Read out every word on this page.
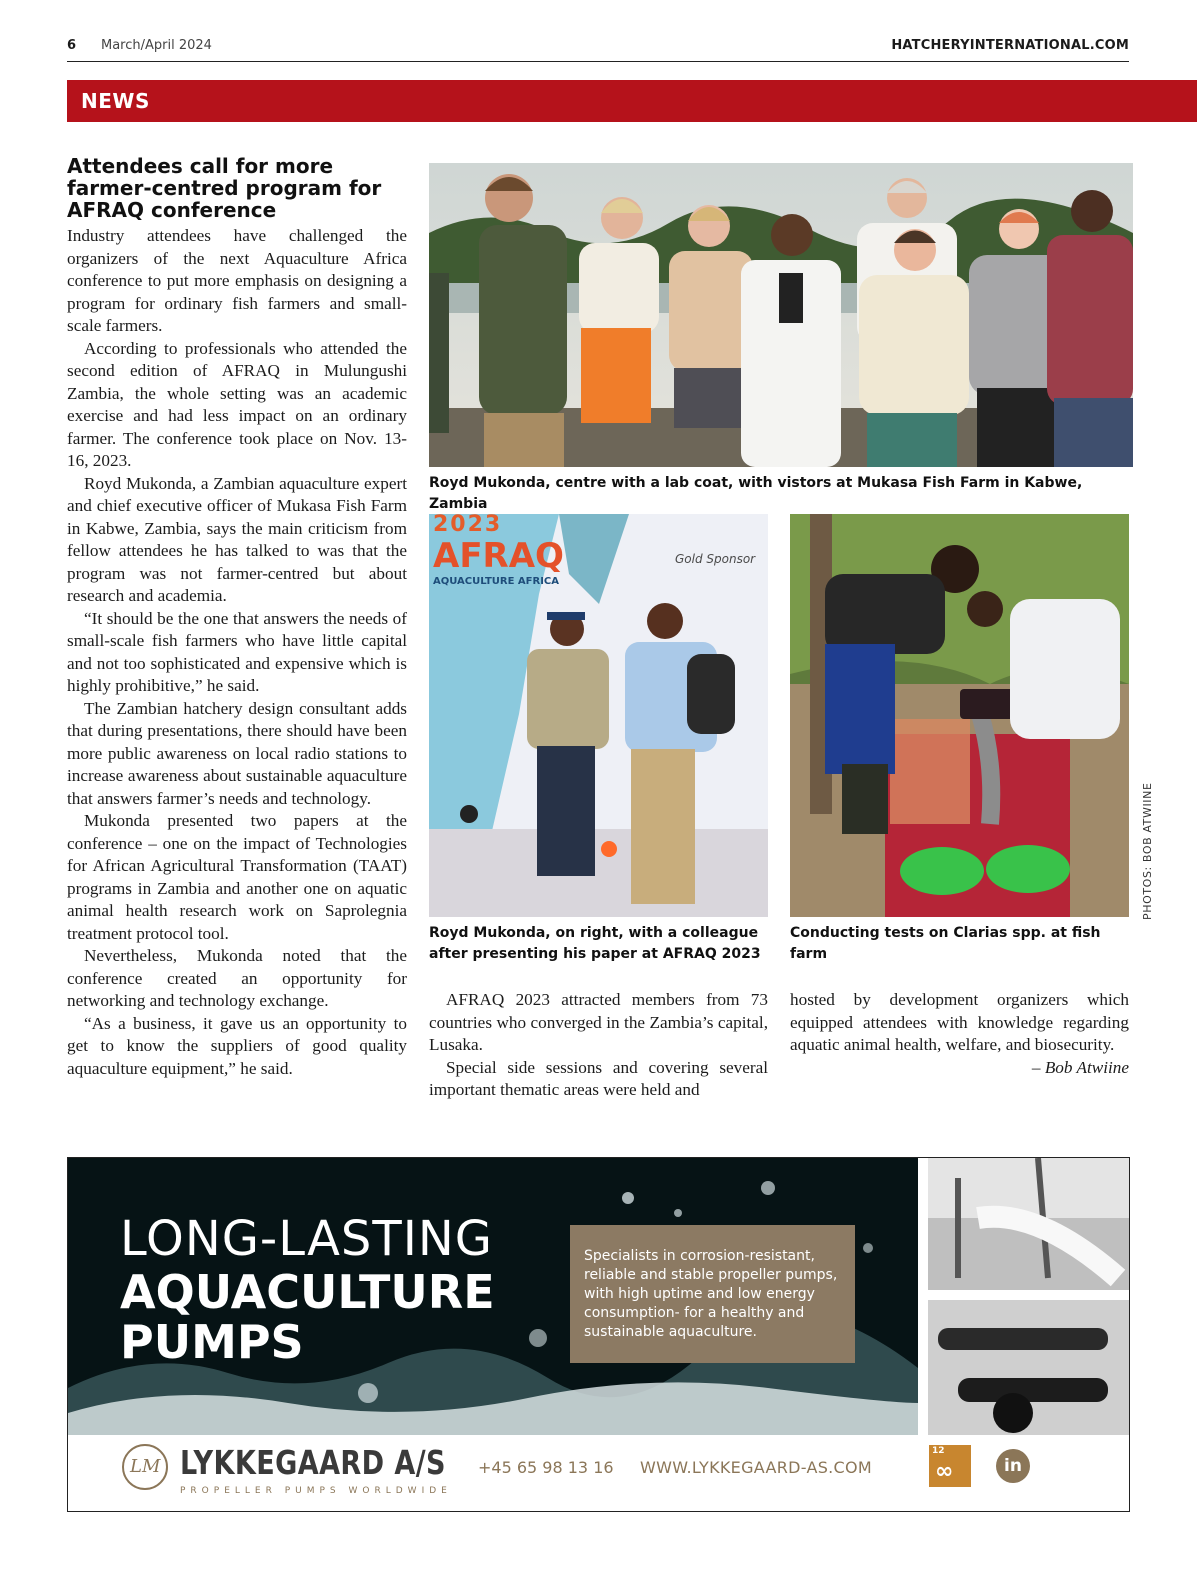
6 March/April 2024	HATCHERYINTERNATIONAL.COM
NEWS
Attendees call for more farmer-centred program for AFRAQ conference

Industry attendees have challenged the organizers of the next Aquaculture Africa conference to put more emphasis on designing a program for ordinary fish farmers and small-scale farmers.

According to professionals who attended the second edition of AFRAQ in Mulungushi Zambia, the whole setting was an academic exercise and had less impact on an ordinary farmer. The conference took place on Nov. 13-16, 2023.

Royd Mukonda, a Zambian aquaculture expert and chief executive officer of Mukasa Fish Farm in Kabwe, Zambia, says the main criticism from fellow attendees he has talked to was that the program was not farmer-centred but about research and academia.

“It should be the one that answers the needs of small-scale fish farmers who have little capital and not too sophisticated and expensive which is highly prohibitive,” he said.

The Zambian hatchery design consultant adds that during presentations, there should have been more public awareness on local radio stations to increase awareness about sustainable aquaculture that answers farmer’s needs and technology.

Mukonda presented two papers at the conference – one on the impact of Technologies for African Agricultural Transformation (TAAT) programs in Zambia and another one on aquatic animal health research work on Saprolegnia treatment protocol tool.

Nevertheless, Mukonda noted that the conference created an opportunity for networking and technology exchange.

“As a business, it gave us an opportunity to get to know the suppliers of good quality aquaculture equipment,” he said.

Royd Mukonda, centre with a lab coat, with vistors at Mukasa Fish Farm in Kabwe, Zambia
2023
AFRAQ
AQUACULTURE AFRICA
Gold Sponsor
Royd Mukonda, on right, with a colleague after presenting his paper at AFRAQ 2023
Conducting tests on Clarias spp. at fish farm
PHOTOS: BOB ATWIINE

AFRAQ 2023 attracted members from 73 countries who converged in the Zambia’s capital, Lusaka.

Special side sessions and covering several important thematic areas were held and

hosted by development organizers which equipped attendees with knowledge regarding aquatic animal health, welfare, and biosecurity.

– Bob Atwiine

LONG-LASTING
AQUACULTURE
PUMPS
Specialists in corrosion-resistant, reliable and stable propeller pumps, with high uptime and low energy consumption- for a healthy and sustainable aquaculture.
LM LYKKEGAARD A/S
PROPELLER PUMPS WORLDWIDE
+45 65 98 13 16 WWW.LYKKEGAARD-AS.COM
12
∞	in
